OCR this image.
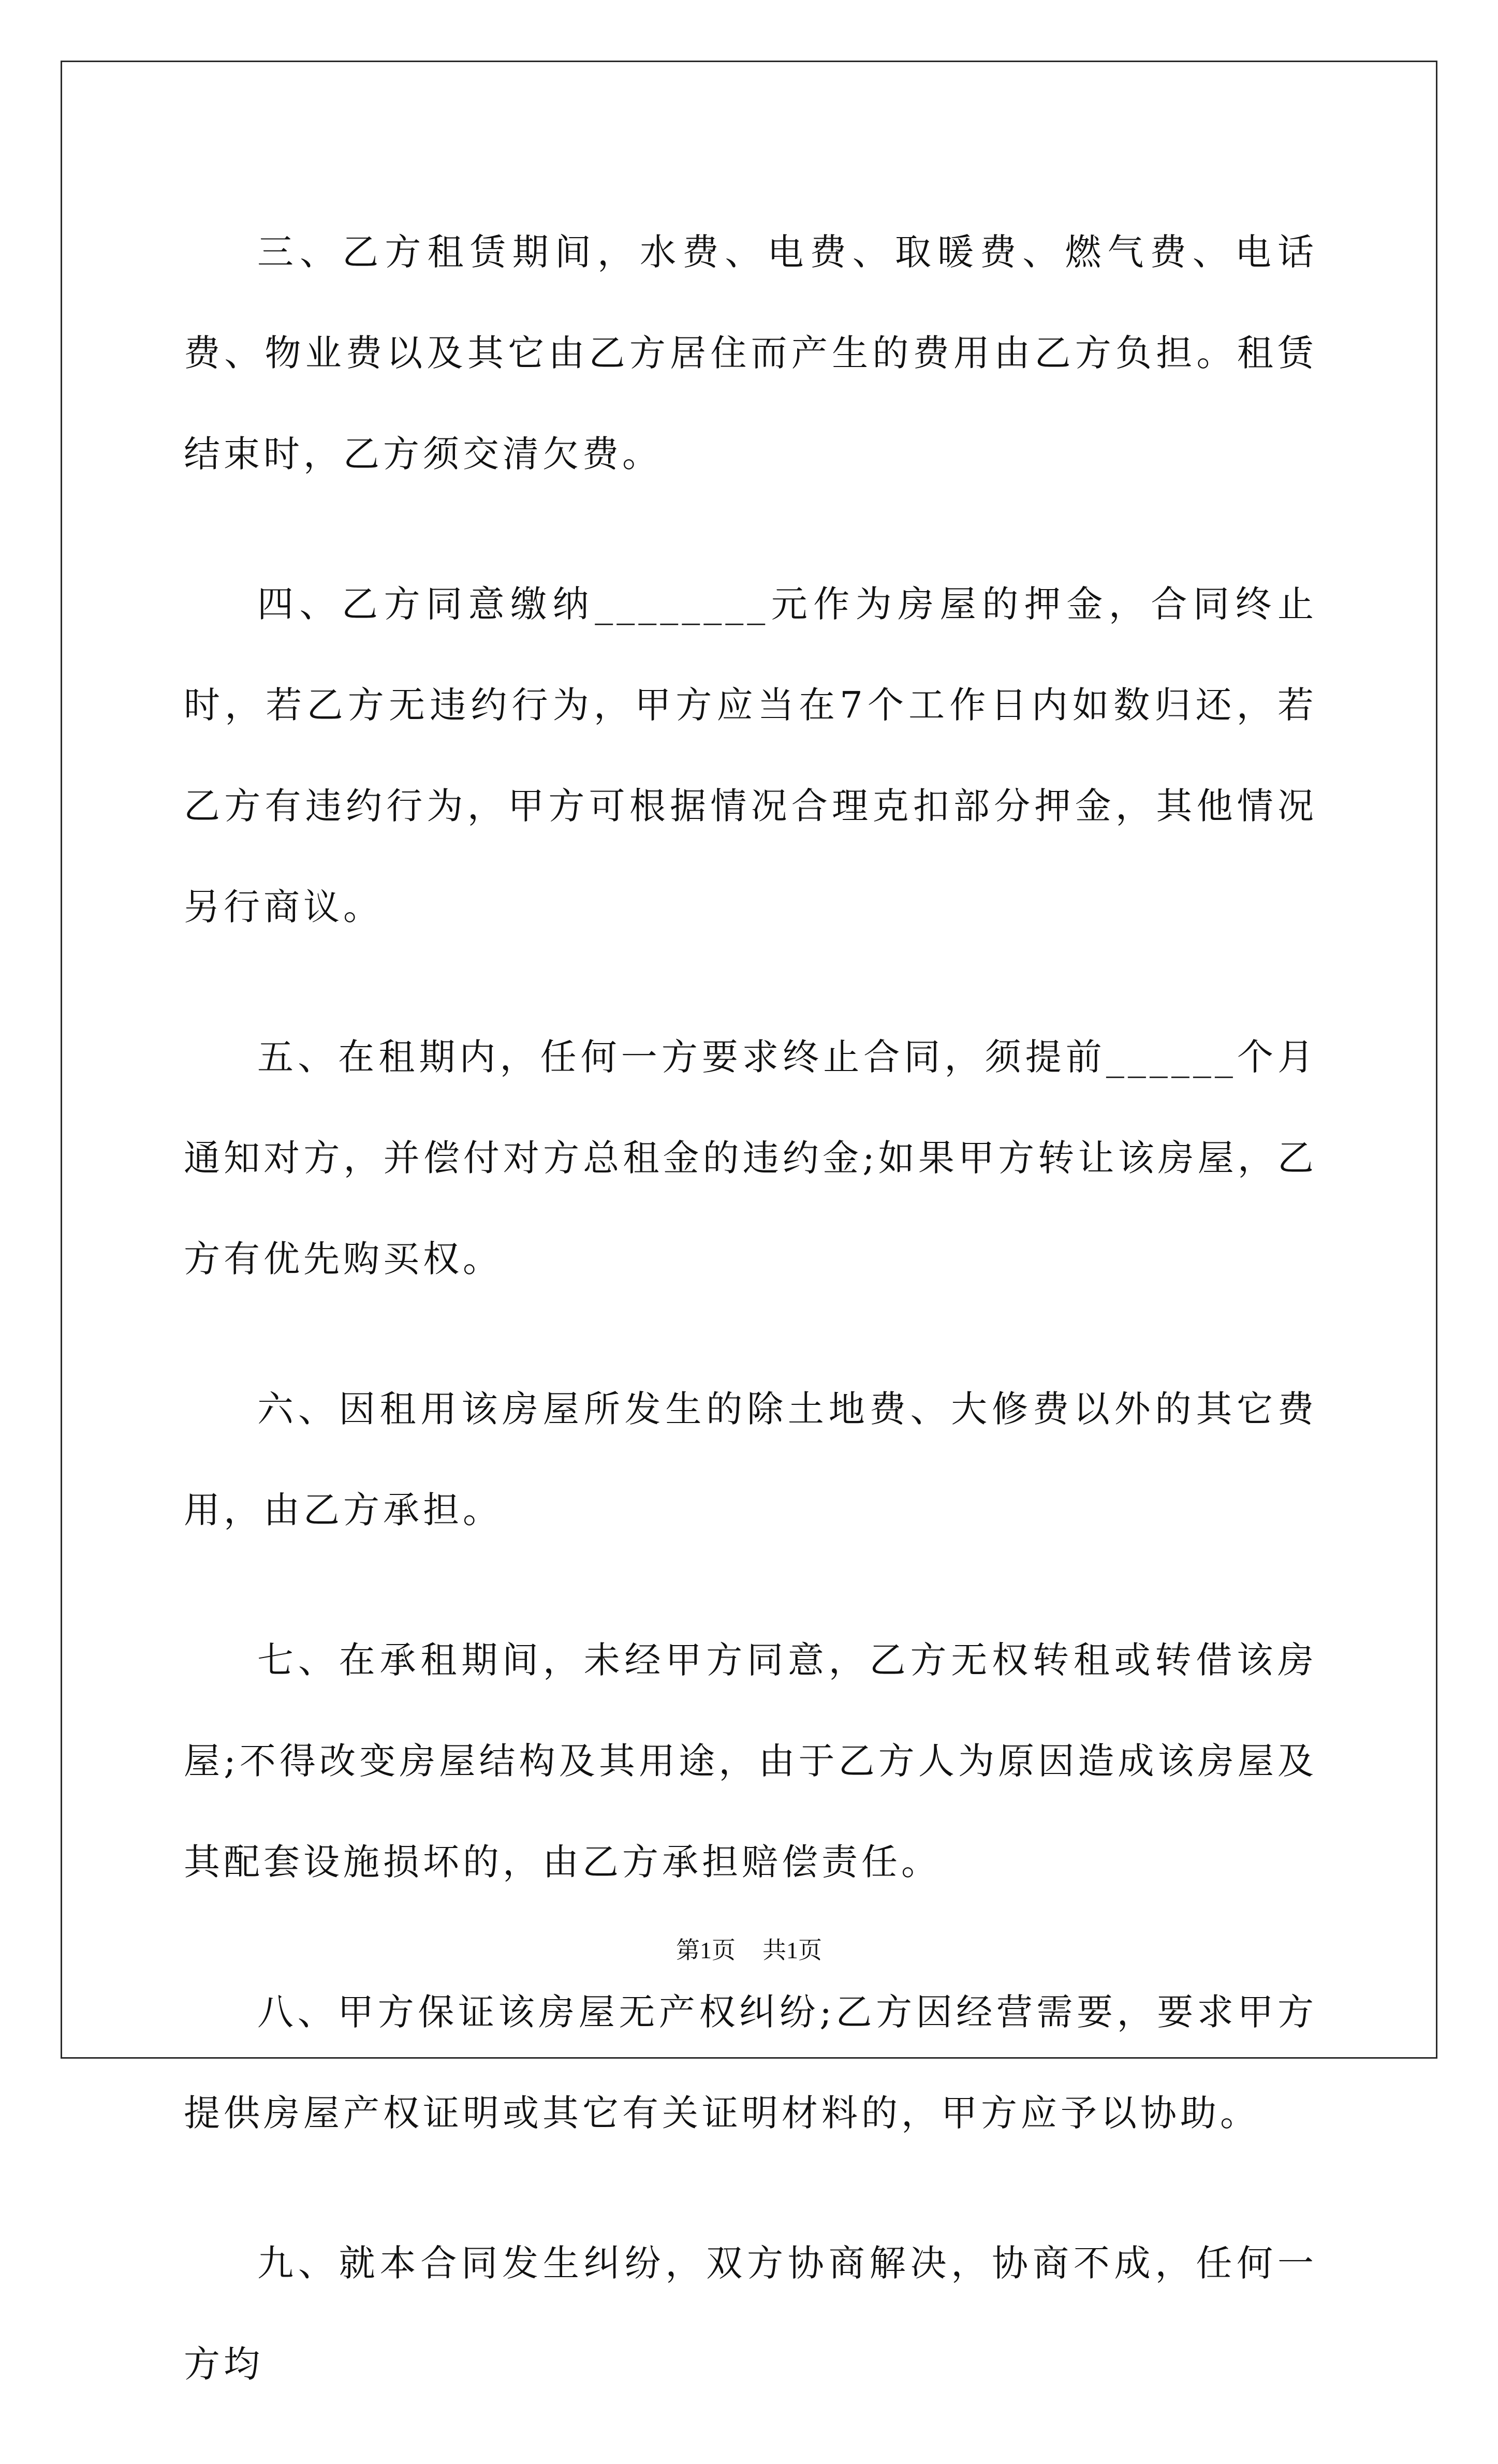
三、乙方租赁期间，水费、电费、取暖费、燃气费、电话费、物业费以及其它由乙方居住而产生的费用由乙方负担。租赁结束时，乙方须交清欠费。

四、乙方同意缴纳________元作为房屋的押金，合同终止时，若乙方无违约行为，甲方应当在7个工作日内如数归还，若乙方有违约行为，甲方可根据情况合理克扣部分押金，其他情况另行商议。

五、在租期内，任何一方要求终止合同，须提前______个月通知对方，并偿付对方总租金的违约金;如果甲方转让该房屋，乙方有优先购买权。

六、因租用该房屋所发生的除土地费、大修费以外的其它费用，由乙方承担。

七、在承租期间，未经甲方同意，乙方无权转租或转借该房屋;不得改变房屋结构及其用途，由于乙方人为原因造成该房屋及其配套设施损坏的，由乙方承担赔偿责任。

八、甲方保证该房屋无产权纠纷;乙方因经营需要，要求甲方提供房屋产权证明或其它有关证明材料的，甲方应予以协助。

九、就本合同发生纠纷，双方协商解决，协商不成，任何一方均

第1页 共1页
